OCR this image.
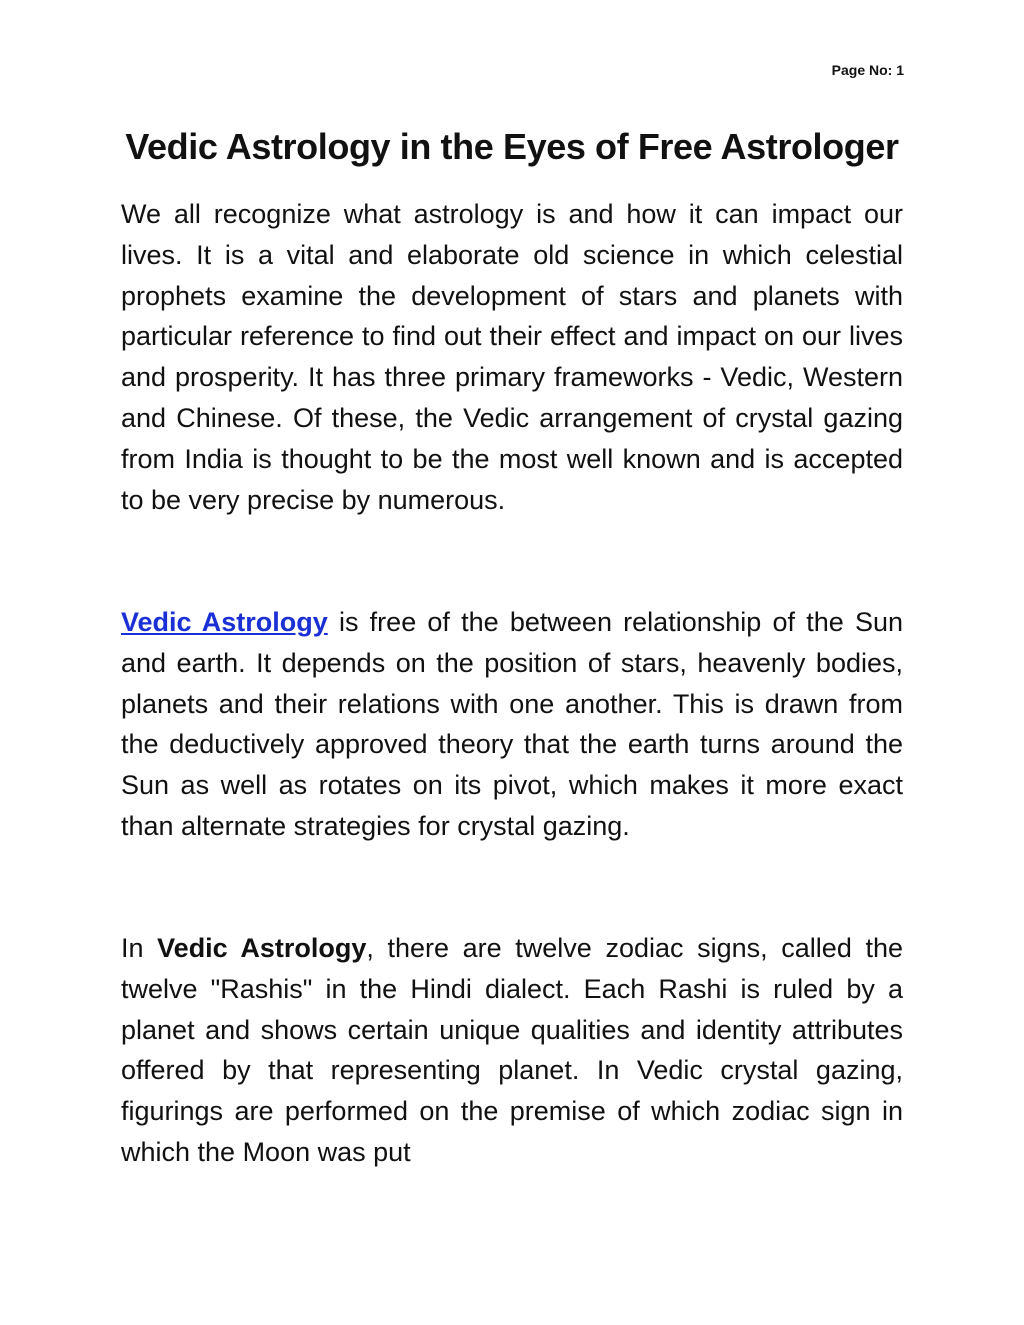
Page No: 1
Vedic Astrology in the Eyes of Free Astrologer

We all recognize what astrology is and how it can impact our lives. It is a vital and elaborate old science in which celestial prophets examine the development of stars and planets with particular reference to find out their effect and impact on our lives and prosperity. It has three primary frameworks - Vedic, Western and Chinese. Of these, the Vedic arrangement of crystal gazing from India is thought to be the most well known and is accepted to be very precise by numerous.

Vedic Astrology is free of the between relationship of the Sun and earth. It depends on the position of stars, heavenly bodies, planets and their relations with one another. This is drawn from the deductively approved theory that the earth turns around the Sun as well as rotates on its pivot, which makes it more exact than alternate strategies for crystal gazing.

In Vedic Astrology, there are twelve zodiac signs, called the twelve "Rashis" in the Hindi dialect. Each Rashi is ruled by a planet and shows certain unique qualities and identity attributes offered by that representing planet. In Vedic crystal gazing, figurings are performed on the premise of which zodiac sign in which the Moon was put
